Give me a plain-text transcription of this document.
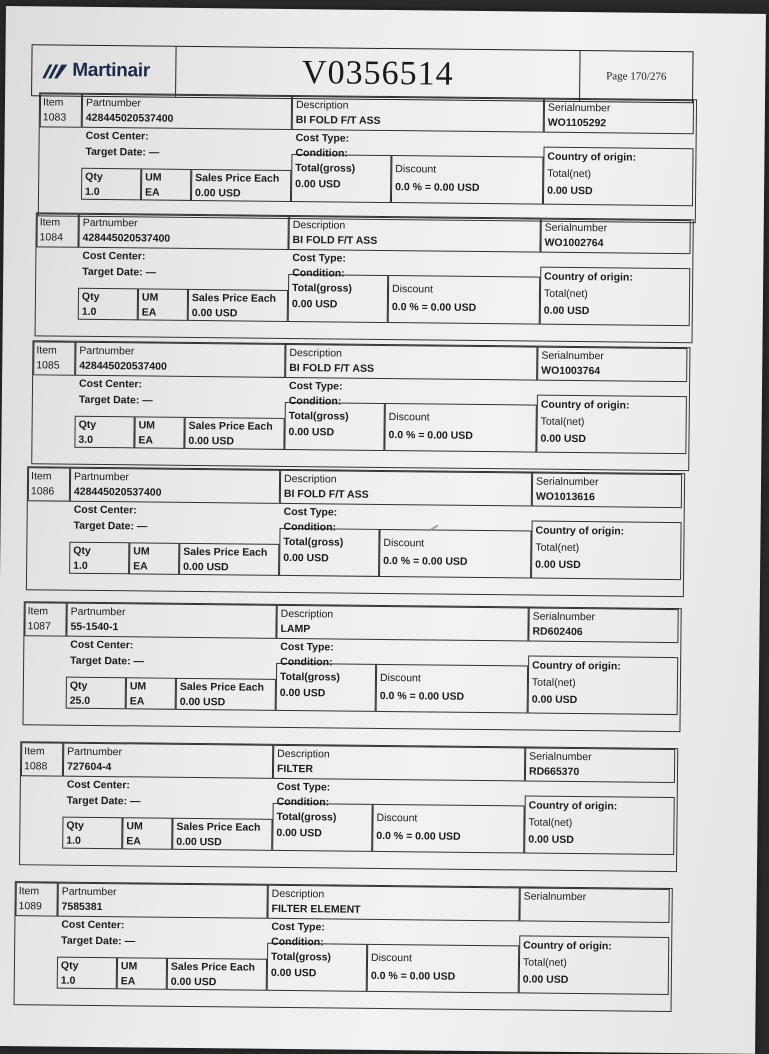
Martinair	V0356514	Page 170/276
Item
1083
Partnumber
428445020537400
Cost Center:
Target Date: —
Qty
1.0
UM
EA
Sales Price Each
0.00 USD
Description
BI FOLD F/T ASS
Cost Type:
Condition:
Total(gross)
0.00 USD
Discount
0.0 % = 0.00 USD
Serialnumber
WO1105292
Country of origin:
Total(net)
0.00 USD
Item
1084
Partnumber
428445020537400
Cost Center:
Target Date: —
Qty
1.0
UM
EA
Sales Price Each
0.00 USD
Description
BI FOLD F/T ASS
Cost Type:
Condition:
Total(gross)
0.00 USD
Discount
0.0 % = 0.00 USD
Serialnumber
WO1002764
Country of origin:
Total(net)
0.00 USD
Item
1085
Partnumber
428445020537400
Cost Center:
Target Date: —
Qty
3.0
UM
EA
Sales Price Each
0.00 USD
Description
BI FOLD F/T ASS
Cost Type:
Condition:
Total(gross)
0.00 USD
Discount
0.0 % = 0.00 USD
Serialnumber
WO1003764
Country of origin:
Total(net)
0.00 USD
Item
1086
Partnumber
428445020537400
Cost Center:
Target Date: —
Qty
1.0
UM
EA
Sales Price Each
0.00 USD
Description
BI FOLD F/T ASS
Cost Type:
Condition:
Total(gross)
0.00 USD
Discount
0.0 % = 0.00 USD
Serialnumber
WO1013616
Country of origin:
Total(net)
0.00 USD
Item
1087
Partnumber
55-1540-1
Cost Center:
Target Date: —
Qty
25.0
UM
EA
Sales Price Each
0.00 USD
Description
LAMP
Cost Type:
Condition:
Total(gross)
0.00 USD
Discount
0.0 % = 0.00 USD
Serialnumber
RD602406
Country of origin:
Total(net)
0.00 USD
Item
1088
Partnumber
727604-4
Cost Center:
Target Date: —
Qty
1.0
UM
EA
Sales Price Each
0.00 USD
Description
FILTER
Cost Type:
Condition:
Total(gross)
0.00 USD
Discount
0.0 % = 0.00 USD
Serialnumber
RD665370
Country of origin:
Total(net)
0.00 USD
Item
1089
Partnumber
7585381
Cost Center:
Target Date: —
Qty
1.0
UM
EA
Sales Price Each
0.00 USD
Description
FILTER ELEMENT
Cost Type:
Condition:
Total(gross)
0.00 USD
Discount
0.0 % = 0.00 USD
Serialnumber
Country of origin:
Total(net)
0.00 USD
